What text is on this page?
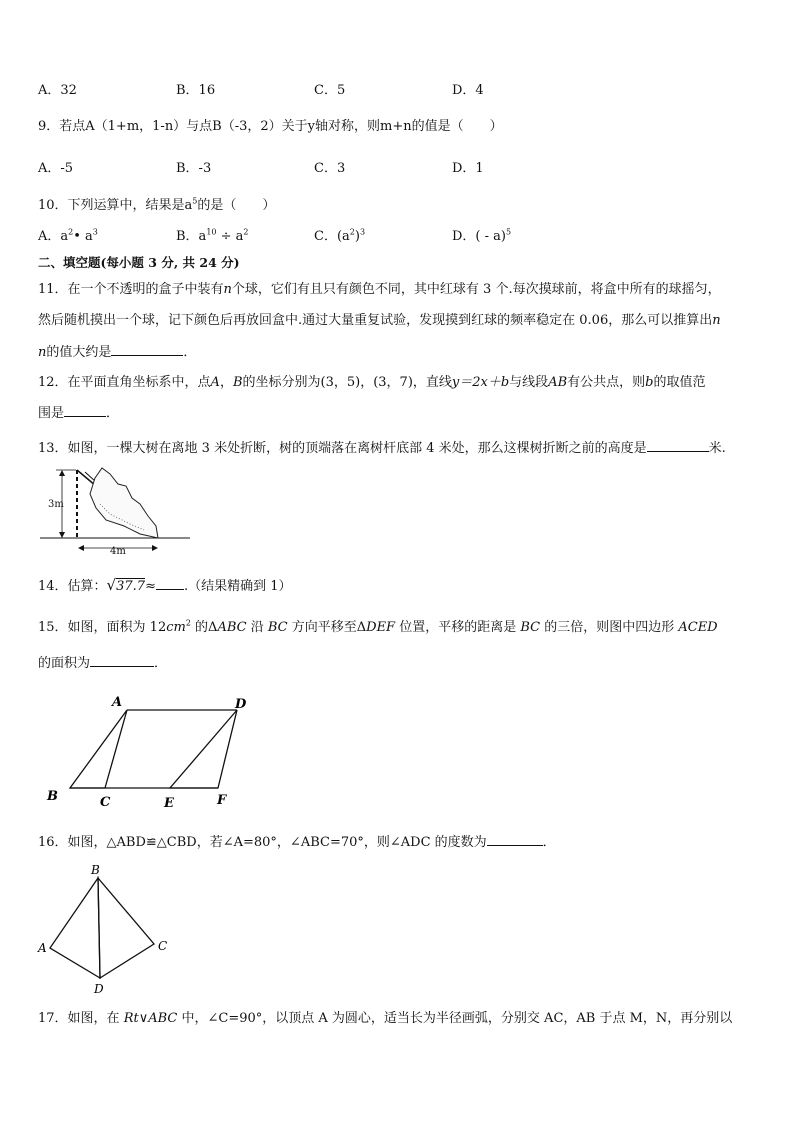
A．32	B．16	C．5	D．4
9．若点A（1+m，1-n）与点B（-3，2）关于y轴对称，则m+n的值是（　　）
A．-5	B．-3	C．3	D．1
10．下列运算中，结果是$a^5$的是（　　）
A．$a^2•$ $a^3$	B．$a^{10} \div a^2$	C．$(a^2)^3$	D．( - a)$^5$
二、填空题(每小题 3 分, 共 24 分)
11．在一个不透明的盒子中装有n个球，它们有且只有颜色不同，其中红球有 3 个.每次摸球前，将盒中所有的球摇匀，
然后随机摸出一个球，记下颜色后再放回盒中.通过大量重复试验，发现摸到红球的频率稳定在 0.06，那么可以推算出n
n的值大约是	．
12．在平面直角坐标系中，点A，B的坐标分别为(3，5)，(3，7)，直线y＝2x＋b与线段AB有公共点，则b的取值范
围是	．
13．如图，一棵大树在离地 3 米处折断，树的顶端落在离树杆底部 4 米处，那么这棵树折断之前的高度是	米.
3m
4m
14．估算：√37.7≈ .（结果精确到 1）
15．如图，面积为 $12cm^2$ 的ΔABC 沿 BC 方向平移至ΔDEF 位置，平移的距离是 BC 的三倍，则图中四边形 ACED
的面积为	．
A	D
B	C	E	F
16．如图，△ABD≌△CBD，若∠A=80°，∠ABC=70°，则∠ADC 的度数为	．
B
A	C
D
17．如图，在 Rt∨ABC 中，∠C=90°，以顶点 A 为圆心，适当长为半径画弧，分别交 AC，AB 于点 M，N，再分别以
